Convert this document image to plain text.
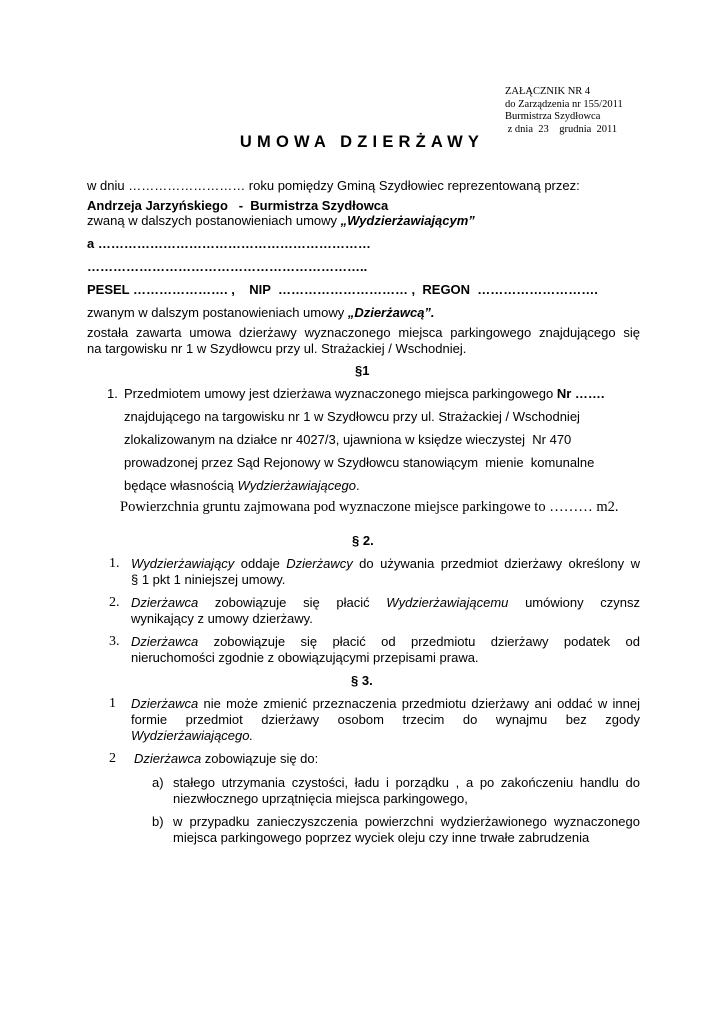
ZAŁĄCZNIK NR 4
do Zarządzenia nr 155/2011
Burmistrza Szydłowca
z dnia  23    grudnia  2011
UMOWA DZIERŻAWY
w dniu ……………………… roku pomiędzy Gminą Szydłowiec reprezentowaną przez:
Andrzeja Jarzyńskiego   -  Burmistrza Szydłowca
zwaną w dalszych postanowieniach umowy „Wydzierżawiającym”
a ………………………………………………………
………………………………………………………..
PESEL …………………. ,    NIP  ………………………… ,  REGON  ……………………….
zwanym w dalszym postanowieniach umowy „Dzierżawcą”.
została zawarta umowa dzierżawy wyznaczonego miejsca parkingowego znajdującego się
na targowisku nr 1 w Szydłowcu przy ul. Strażackiej / Wschodniej.
§1
1. Przedmiotem umowy jest dzierżawa wyznaczonego miejsca parkingowego Nr …….
znajdującego na targowisku nr 1 w Szydłowcu przy ul. Strażackiej / Wschodniej
zlokalizowanym na działce nr 4027/3, ujawniona w księdze wieczystej  Nr 470
prowadzonej przez Sąd Rejonowy w Szydłowcu stanowiącym  mienie  komunalne
będące własnością Wydzierżawiającego.
Powierzchnia gruntu zajmowana pod wyznaczone miejsce parkingowe to ……… m2.
§ 2.
1. Wydzierżawiający oddaje Dzierżawcy do używania przedmiot dzierżawy określony w
§ 1 pkt 1 niniejszej umowy.
2. Dzierżawca zobowiązuje się płacić Wydzierżawiającemu umówiony czynsz
wynikający z umowy dzierżawy.
3. Dzierżawca zobowiązuje się płacić od przedmiotu dzierżawy podatek od
nieruchomości zgodnie z obowiązującymi przepisami prawa.
§ 3.
1 Dzierżawca nie może zmienić przeznaczenia przedmiotu dzierżawy ani oddać w innej
formie przedmiot dzierżawy osobom trzecim do wynajmu bez zgody
Wydzierżawiającego.
2 Dzierżawca zobowiązuje się do:
a) stałego utrzymania czystości, ładu i porządku , a po zakończeniu handlu do
niezwłocznego uprzątnięcia miejsca parkingowego,
b) w przypadku zanieczyszczenia powierzchni wydzierżawionego wyznaczonego
miejsca parkingowego poprzez wyciek oleju czy inne trwałe zabrudzenia
